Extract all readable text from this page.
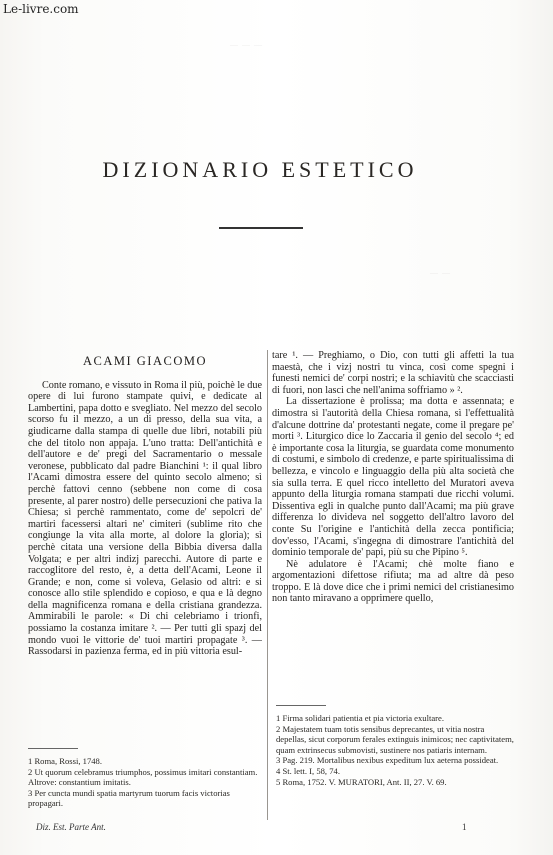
Le-livre.com
— — —
— —
DIZIONARIO ESTETICO
ACAMI GIACOMO

Conte romano, e vissuto in Roma il più, poichè le due opere di lui furono stampate quivi, e dedicate al Lambertini, papa dotto e svegliato. Nel mezzo del secolo scorso fu il mezzo, a un di presso, della sua vita, a giudicarne dalla stampa di quelle due libri, notabili più che del titolo non appaja. L'uno tratta: Dell'antichità e dell'autore e de' pregi del Sacramentario o messale veronese, pubblicato dal padre Bianchini ¹: il qual libro l'Acami dimostra essere del quinto secolo almeno; sì perchè fattovi cenno (sebbene non come di cosa presente, al parer nostro) delle persecuzioni che pativa la Chiesa; sì perchè rammentato, come de' sepolcri de' martiri facessersi altari ne' cimiteri (sublime rito che congiunge la vita alla morte, al dolore la gloria); sì perchè citata una versione della Bibbia diversa dalla Volgata; e per altri indizj parecchi. Autore di parte e raccoglitore del resto, è, a detta dell'Acami, Leone il Grande; e non, come si voleva, Gelasio od altri: e si conosce allo stile splendido e copioso, e qua e là degno della magnificenza romana e della cristiana grandezza. Ammirabili le parole: « Di chi celebriamo i trionfi, possiamo la costanza imitare ². — Per tutti gli spazj del mondo vuoi le vittorie de' tuoi martiri propagate ³. — Rassodarsi in pazienza ferma, ed in più vittoria esul-

tare ¹. — Preghiamo, o Dio, con tutti gli affetti la tua maestà, che i vizj nostri tu vinca, così come spegni i funesti nemici de' corpi nostri; e la schiavitù che scacciasti di fuori, non lasci che nell'anima soffriamo » ².

La dissertazione è prolissa; ma dotta e assennata; e dimostra sì l'autorità della Chiesa romana, sì l'effettualità d'alcune dottrine da' protestanti negate, come il pregare pe' morti ³. Liturgico dice lo Zaccaria il genio del secolo ⁴; ed è importante cosa la liturgia, se guardata come monumento di costumi, e simbolo di credenze, e parte spiritualissima di bellezza, e vincolo e linguaggio della più alta società che sia sulla terra. E quel ricco intelletto del Muratori aveva appunto della liturgia romana stampati due ricchi volumi. Dissentiva egli in qualche punto dall'Acami; ma più grave differenza lo divideva nel soggetto dell'altro lavoro del conte Su l'origine e l'antichità della zecca pontificia; dov'esso, l'Acami, s'ingegna di dimostrare l'antichità del dominio temporale de' papi, più su che Pipino ⁵.

Nè adulatore è l'Acami; chè molte fiano e argomentazioni difettose rifiuta; ma ad altre dà peso troppo. E là dove dice che i primi nemici del cristianesimo non tanto miravano a opprimere quello,

1 Roma, Rossi, 1748.

2 Ut quorum celebramus triumphos, possimus imitari constantiam. Altrove: constantium imitatis.

3 Per cuncta mundi spatia martyrum tuorum facis victorias propagari.

1 Firma solidari patientia et pia victoria exultare.

2 Majestatem tuam totis sensibus deprecantes, ut vitia nostra depellas, sicut corporum ferales extinguis inimicos; nec captivitatem, quam extrinsecus submovisti, sustinere nos patiaris internam.

3 Pag. 219. Mortalibus nexibus expeditum lux aeterna possideat.

4 St. lett. I, 58, 74.

5 Roma, 1752. V. MURATORI, Ant. II, 27. V. 69.

Diz. Est. Parte Ant.	1
